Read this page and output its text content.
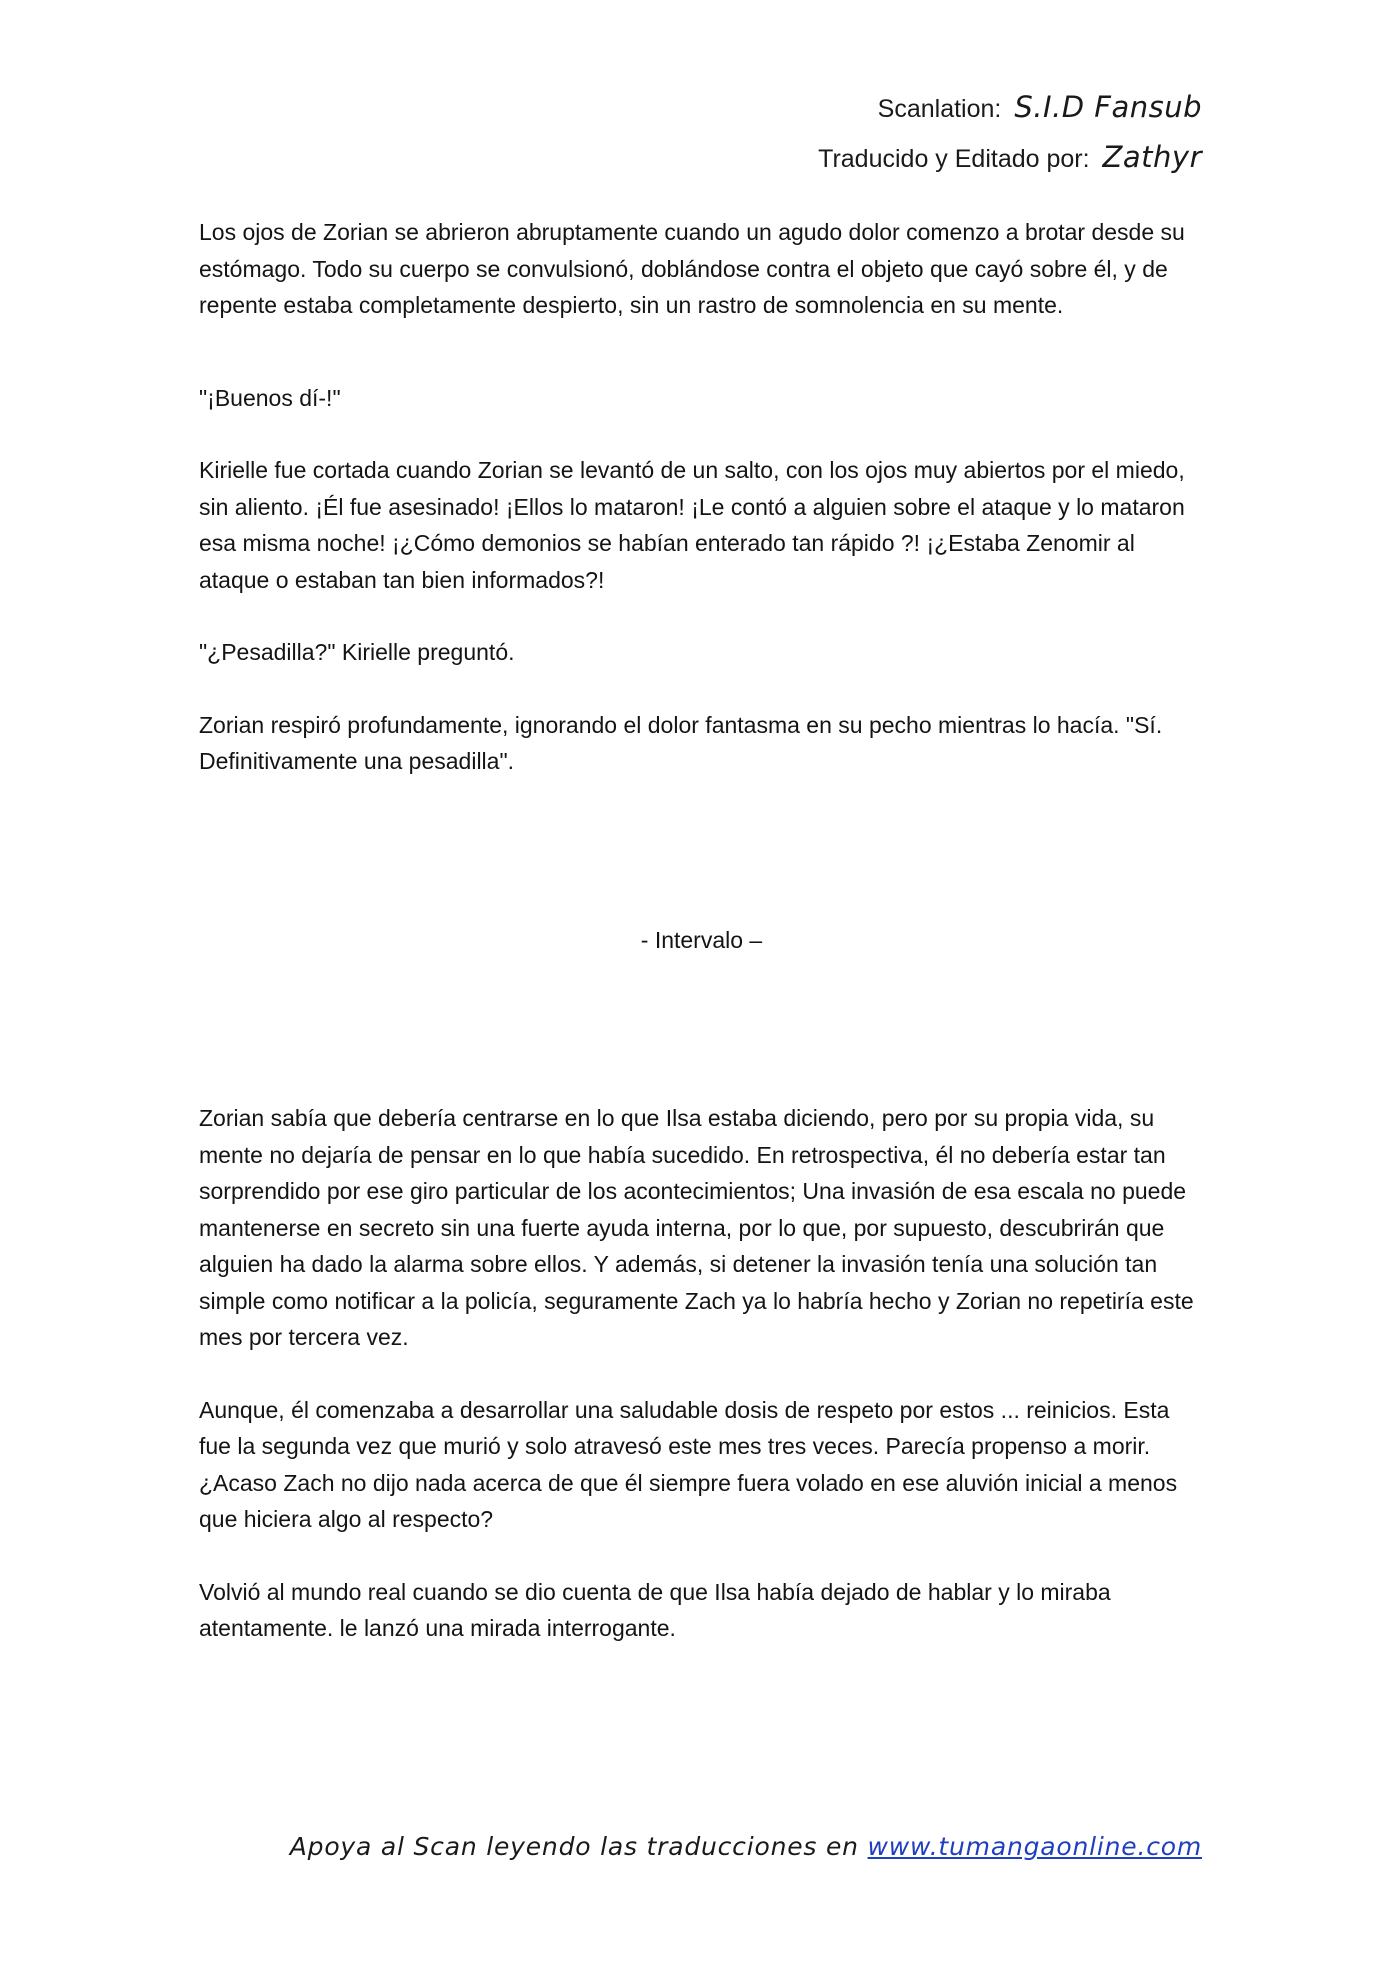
Scanlation: S.I.D Fansub
Traducido y Editado por: Zathyr

Los ojos de Zorian se abrieron abruptamente cuando un agudo dolor comenzo a brotar desde su estómago. Todo su cuerpo se convulsionó, doblándose contra el objeto que cayó sobre él, y de repente estaba completamente despierto, sin un rastro de somnolencia en su mente.

"¡Buenos dí-!"

Kirielle fue cortada cuando Zorian se levantó de un salto, con los ojos muy abiertos por el miedo, sin aliento. ¡Él fue asesinado! ¡Ellos lo mataron! ¡Le contó a alguien sobre el ataque y lo mataron esa misma noche! ¡¿Cómo demonios se habían enterado tan rápido ?! ¡¿Estaba Zenomir al ataque o estaban tan bien informados?!

"¿Pesadilla?" Kirielle preguntó.

Zorian respiró profundamente, ignorando el dolor fantasma en su pecho mientras lo hacía. "Sí. Definitivamente una pesadilla".

- Intervalo –

Zorian sabía que debería centrarse en lo que Ilsa estaba diciendo, pero por su propia vida, su mente no dejaría de pensar en lo que había sucedido. En retrospectiva, él no debería estar tan sorprendido por ese giro particular de los acontecimientos; Una invasión de esa escala no puede mantenerse en secreto sin una fuerte ayuda interna, por lo que, por supuesto, descubrirán que alguien ha dado la alarma sobre ellos. Y además, si detener la invasión tenía una solución tan simple como notificar a la policía, seguramente Zach ya lo habría hecho y Zorian no repetiría este mes por tercera vez.

Aunque, él comenzaba a desarrollar una saludable dosis de respeto por estos ... reinicios. Esta fue la segunda vez que murió y solo atravesó este mes tres veces. Parecía propenso a morir. ¿Acaso Zach no dijo nada acerca de que él siempre fuera volado en ese aluvión inicial a menos que hiciera algo al respecto?

Volvió al mundo real cuando se dio cuenta de que Ilsa había dejado de hablar y lo miraba atentamente. le lanzó una mirada interrogante.

Apoya al Scan leyendo las traducciones en www.tumangaonline.com
